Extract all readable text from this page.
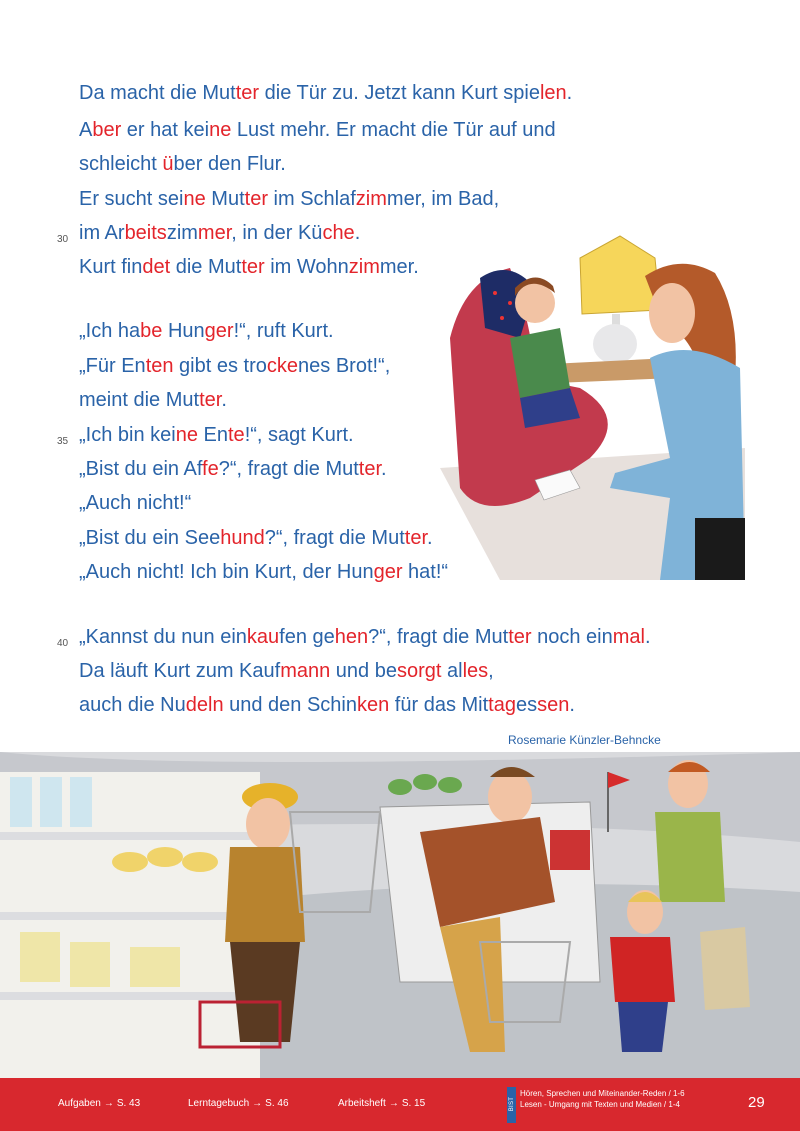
Da macht die Mutter die Tür zu. Jetzt kann Kurt spielen.
Aber er hat keine Lust mehr. Er macht die Tür auf und
schleicht über den Flur.
Er sucht seine Mutter im Schlafzimmer, im Bad,
30 im Arbeitszimmer, in der Küche.
Kurt findet die Mutter im Wohnzimmer.
„Ich habe Hunger!“, ruft Kurt.
„Für Enten gibt es trockenes Brot!“,
meint die Mutter.
35 „Ich bin keine Ente!“, sagt Kurt.
„Bist du ein Affe?“, fragt die Mutter.
„Auch nicht!“
„Bist du ein Seehund?“, fragt die Mutter.
„Auch nicht! Ich bin Kurt, der Hunger hat!“
40 „Kannst du nun einkaufen gehen?“, fragt die Mutter noch einmal.
Da läuft Kurt zum Kaufmann und besorgt alles,
auch die Nudeln und den Schinken für das Mittagessen.
Rosemarie Künzler-Behncke
Aufgaben → S. 43	Lerntagebuch → S. 46	Arbeitsheft → S. 15	BIST
Hören, Sprechen und Miteinander-Reden / 1-6
Lesen - Umgang mit Texten und Medien / 1-4	29
